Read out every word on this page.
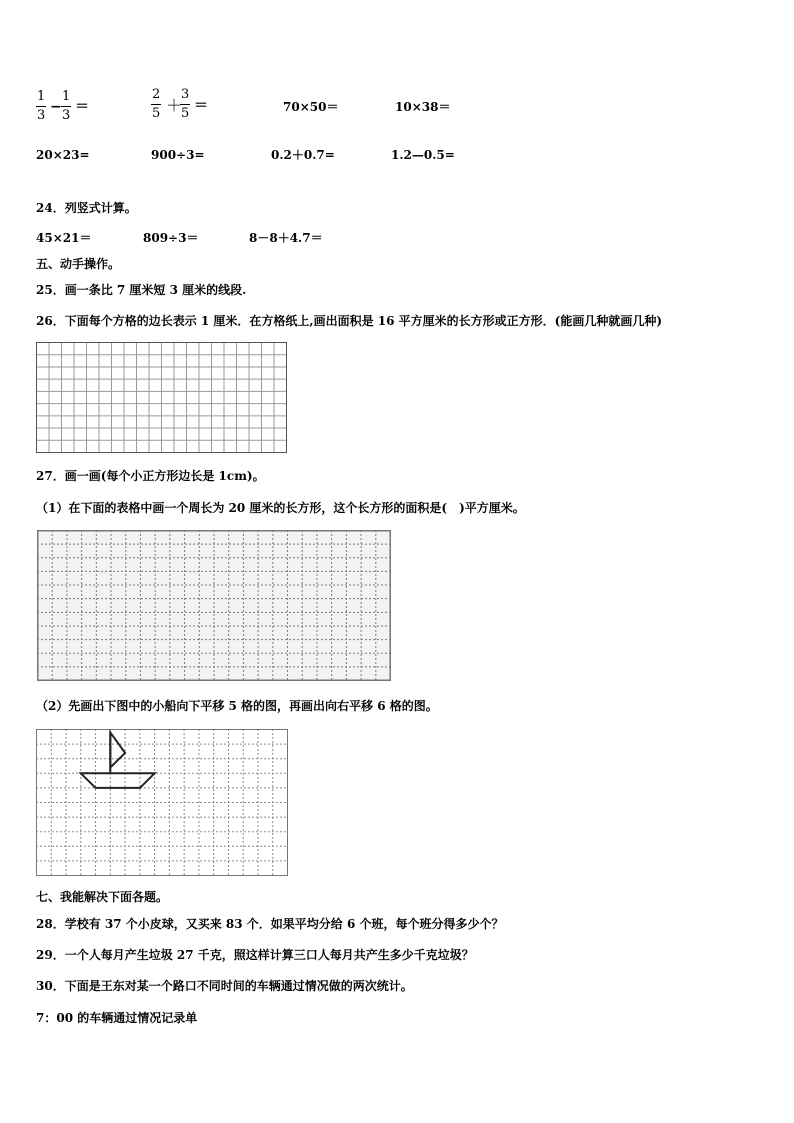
$\frac{1}{3} - \frac{1}{3}$ ＝	$\frac{2}{5}$ ＋
$\frac{3}{5}$ ＝	70×50＝	10×38＝
20×23=	900÷3=	0.2＋0.7=	1.2—0.5=
24．列竖式计算。
45×21＝	809÷3＝	8－8＋4.7＝
五、动手操作。
25．画一条比 7 厘米短 3 厘米的线段.
26．下面每个方格的边长表示 1 厘米．在方格纸上,画出面积是 16 平方厘米的长方形或正方形．(能画几种就画几种)
27．画一画(每个小正方形边长是 1cm)。
（1）在下面的表格中画一个周长为 20 厘米的长方形，这个长方形的面积是(　)平方厘米。
（2）先画出下图中的小船向下平移 5 格的图，再画出向右平移 6 格的图。
七、我能解决下面各题。
28．学校有 37 个小皮球，又买来 83 个．如果平均分给 6 个班，每个班分得多少个？
29．一个人每月产生垃圾 27 千克，照这样计算三口人每月共产生多少千克垃圾？
30．下面是王东对某一个路口不同时间的车辆通过情况做的两次统计。
7：00 的车辆通过情况记录单
